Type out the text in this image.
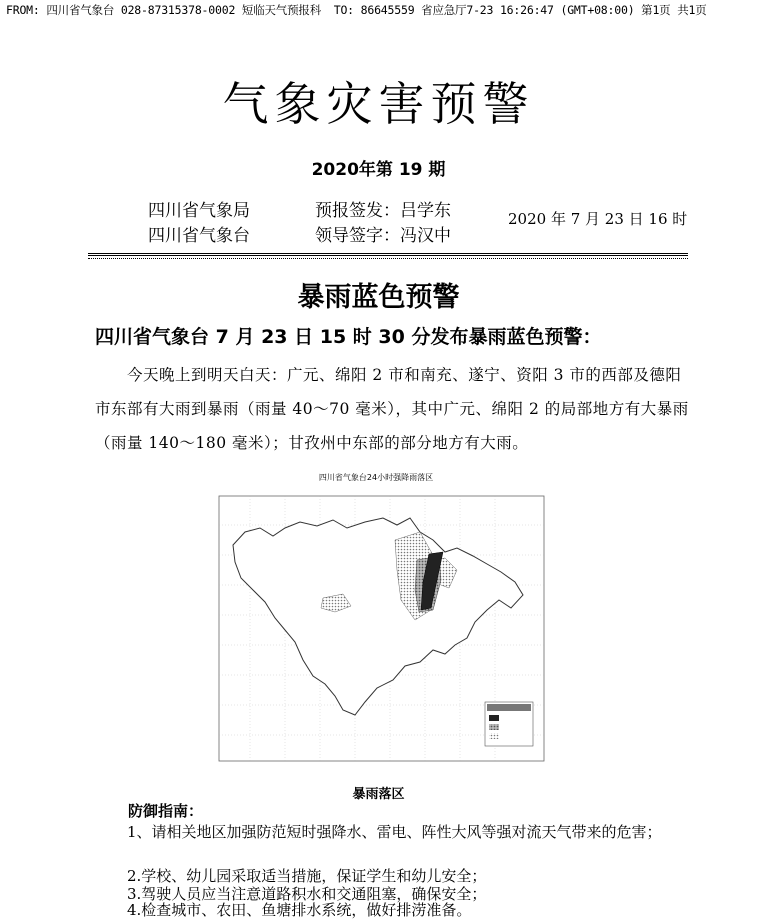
FROM: 四川省气象台 028-87315378-0002 短临天气预报科 TO: 86645559 省应急厅7-23 16:26:47 (GMT+08:00) 第1页 共1页
气象灾害预警
2020年第 19 期
四川省气象局
四川省气象台
预报签发：吕学东
领导签字：冯汉中
2020 年 7 月 23 日 16 时
暴雨蓝色预警
四川省气象台 7 月 23 日 15 时 30 分发布暴雨蓝色预警：
今天晚上到明天白天：广元、绵阳 2 市和南充、遂宁、资阳 3 市的西部及德阳市东部有大雨到暴雨（雨量 40～70 毫米），其中广元、绵阳 2 的局部地方有大暴雨（雨量 140～180 毫米）；甘孜州中东部的部分地方有大雨。
四川省气象台24小时强降雨落区
暴雨落区
防御指南：
1、请相关地区加强防范短时强降水、雷电、阵性大风等强对流天气带来的危害；
2.学校、幼儿园采取适当措施，保证学生和幼儿安全；
3.驾驶人员应当注意道路积水和交通阻塞，确保安全；
4.检查城市、农田、鱼塘排水系统，做好排涝准备。
